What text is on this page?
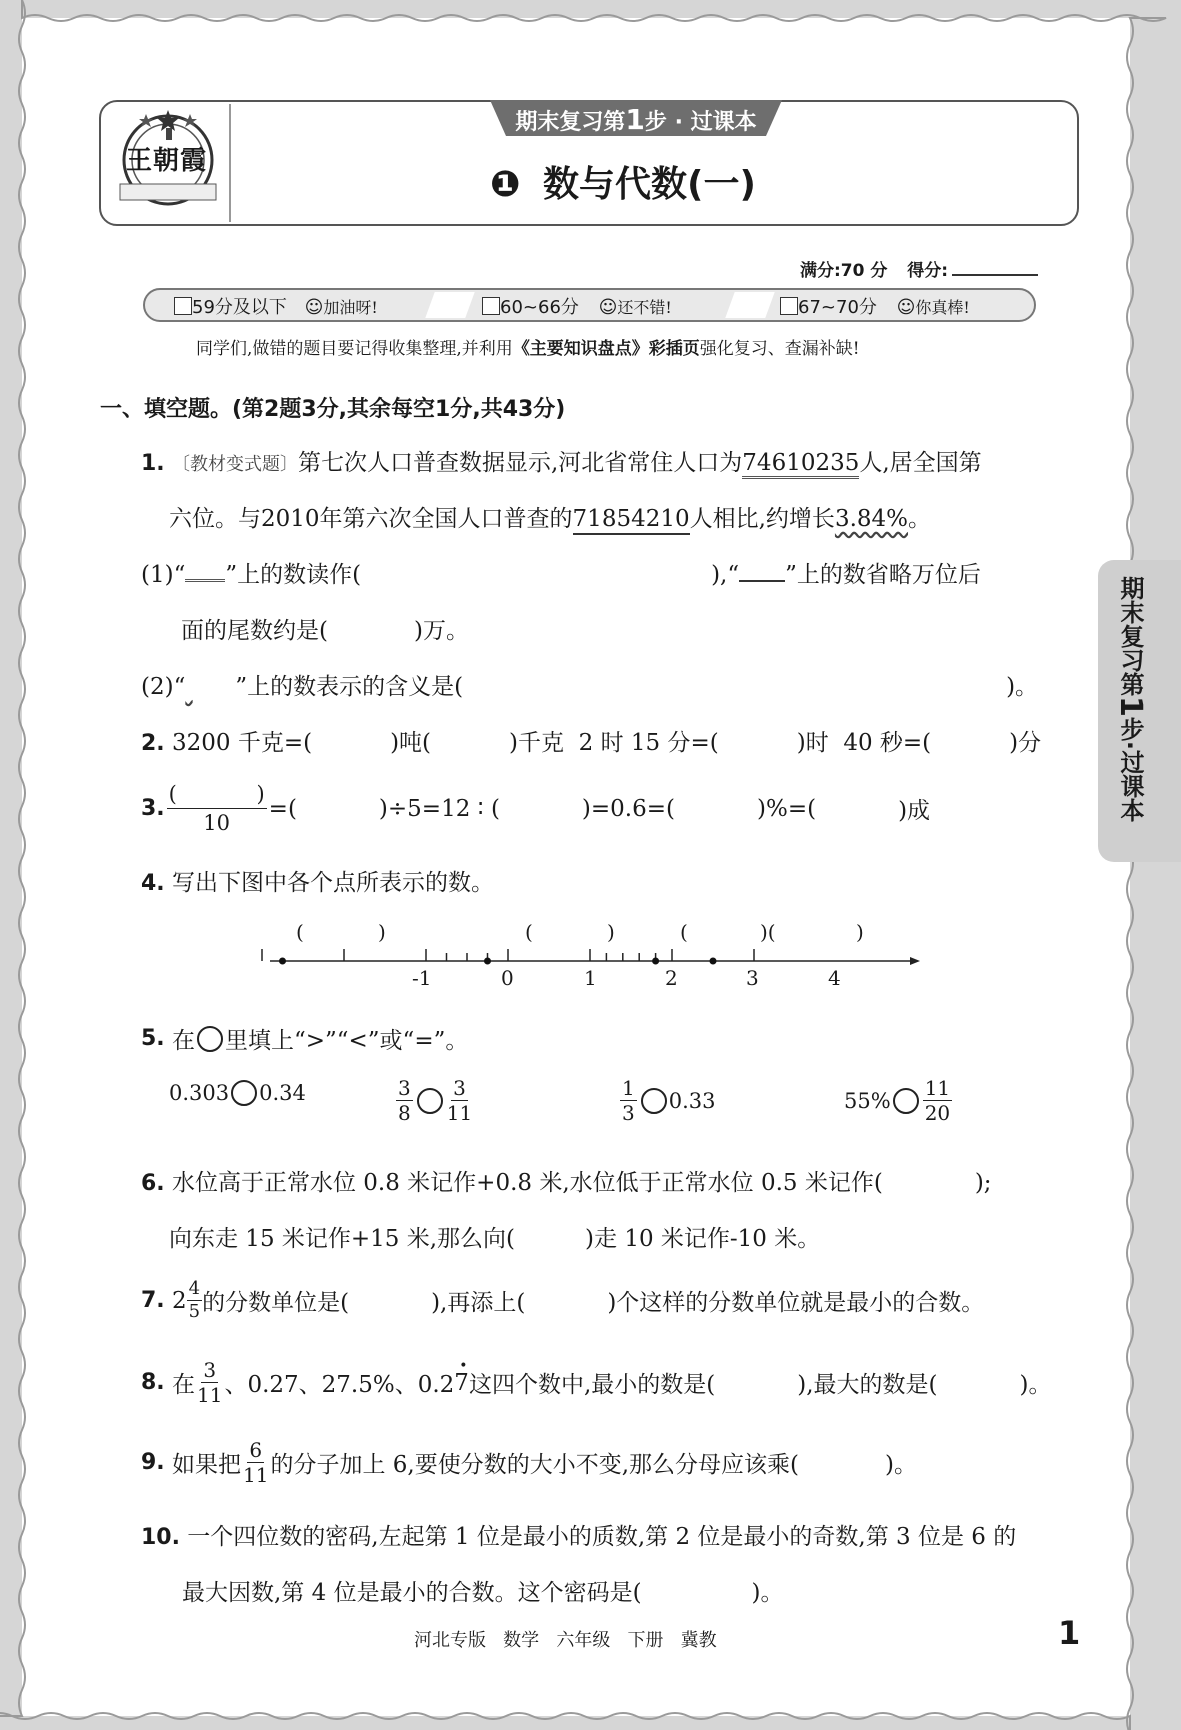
王朝霞
期末复习第1步 · 过课本
❶ 数与代数(一)
满分:70 分 得分:
59分及以下 ☺加油呀!	60~66分 ☺还不错!	67~70分 ☺你真棒!
同学们,做错的题目要记得收集整理,并利用《主要知识盘点》彩插页强化复习、查漏补缺!
期末复习第1步·过课本
一、填空题。(第2题3分,其余每空1分,共43分)
1. 〔教材变式题〕第七次人口普查数据显示,河北省常住人口为74610235人,居全国第
六位。与2010年第六次全国人口普查的71854210人相比,约增长3.84%。
(1)“ ”上的数读作(	),“ ”上的数省略万位后
面的尾数约是(	)万。
(2)“ ”上的数表示的含义是(	)。
2. 3200 千克=(	)吨(	)千克 2 时 15 分=(	)时 40 秒=(	)分
3. (	)
10 =(	)÷5=12 ∶ (	)=0.6=(	)%=(	)成
4. 写出下图中各个点所表示的数。
(	)	(	)	(	)(	)
-1	0	1	2	3	4
5.
在 里填上“>”“<”或“=”。
0.303 0.34	$\frac{3}{8} \frac{3}{11}$	$\frac{1}{3} 0.33$	$55\% \frac{11}{20}$
6. 水位高于正常水位 0.8 米记作+0.8 米,水位低于正常水位 0.5 米记作(	);
向东走 15 米记作+15 米,那么向(	)走 10 米记作-10 米。
7.
$2 \frac{4}{5}$ 的分数单位是(	),再添上(	)个这样的分数单位就是最小的合数。
8.
在 $\frac{3}{11}$ 、0.27、27.5%、0.2 7
•
这四个数中,最小的数是(	),最大的数是(	)。
9.
如果把 $\frac{6}{11}$ 的分子加上 6,要使分数的大小不变,那么分母应该乘(	)。
10. 一个四位数的密码,左起第 1 位是最小的质数,第 2 位是最小的奇数,第 3 位是 6 的
最大因数,第 4 位是最小的合数。这个密码是(	)。
河北专版   数学   六年级   下册   冀教	1
